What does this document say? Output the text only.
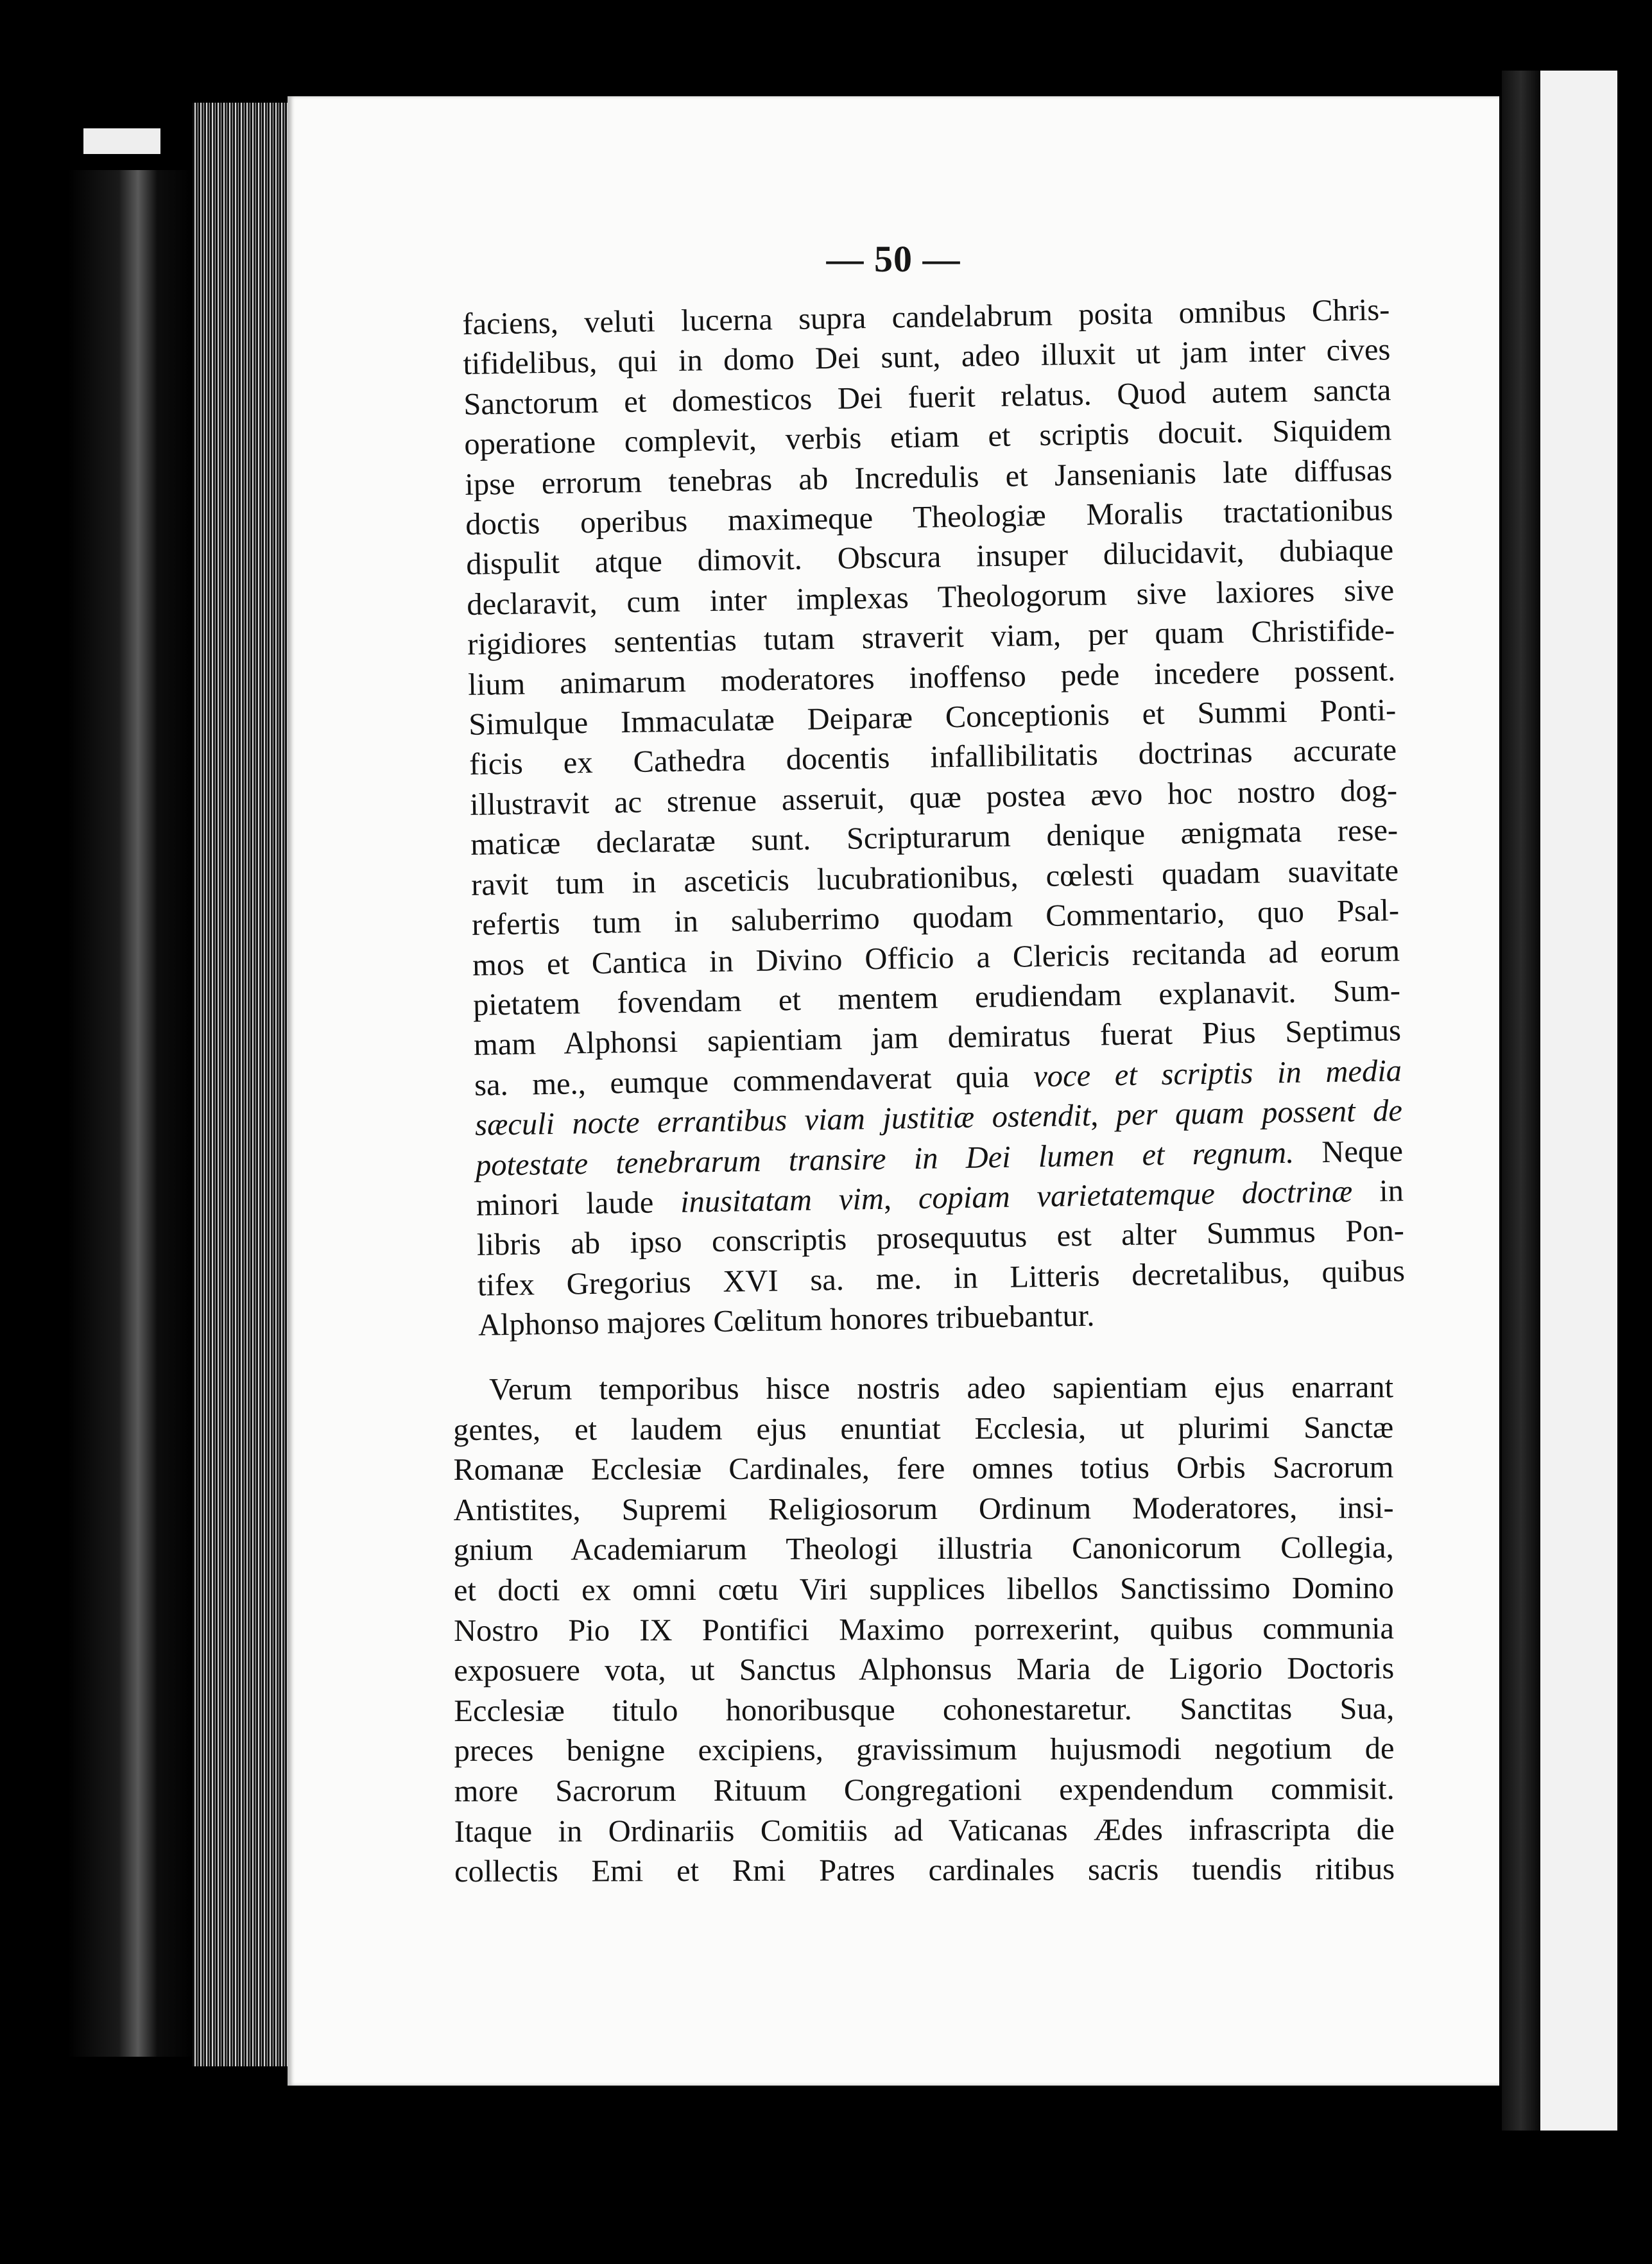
— 50 —
faciens, veluti lucerna supra candelabrum posita omnibus Chris-
tifidelibus, qui in domo Dei sunt, adeo illuxit ut jam inter cives
Sanctorum et domesticos Dei fuerit relatus. Quod autem sancta
operatione complevit, verbis etiam et scriptis docuit. Siquidem
ipse errorum tenebras ab Incredulis et Jansenianis late diffusas
doctis operibus maximeque Theologiæ Moralis tractationibus
dispulit atque dimovit. Obscura insuper dilucidavit, dubiaque
declaravit, cum inter implexas Theologorum sive laxiores sive
rigidiores sententias tutam straverit viam, per quam Christifide-
lium animarum moderatores inoffenso pede incedere possent.
Simulque Immaculatæ Deiparæ Conceptionis et Summi Ponti-
ficis ex Cathedra docentis infallibilitatis doctrinas accurate
illustravit ac strenue asseruit, quæ postea ævo hoc nostro dog-
maticæ declaratæ sunt. Scripturarum denique ænigmata rese-
ravit tum in asceticis lucubrationibus, cœlesti quadam suavitate
refertis tum in saluberrimo quodam Commentario, quo Psal-
mos et Cantica in Divino Officio a Clericis recitanda ad eorum
pietatem fovendam et mentem erudiendam explanavit. Sum-
mam Alphonsi sapientiam jam demiratus fuerat Pius Septimus
sa. me., eumque commendaverat quia voce et scriptis in media
sæculi nocte errantibus viam justitiæ ostendit, per quam possent de
potestate tenebrarum transire in Dei lumen et regnum. Neque
minori laude inusitatam vim, copiam varietatemque doctrinæ in
libris ab ipso conscriptis prosequutus est alter Summus Pon-
tifex Gregorius XVI sa. me. in Litteris decretalibus, quibus
Alphonso majores Cœlitum honores tribuebantur.
Verum temporibus hisce nostris adeo sapientiam ejus enarrant
gentes, et laudem ejus enuntiat Ecclesia, ut plurimi Sanctæ
Romanæ Ecclesiæ Cardinales, fere omnes totius Orbis Sacrorum
Antistites, Supremi Religiosorum Ordinum Moderatores, insi-
gnium Academiarum Theologi illustria Canonicorum Collegia,
et docti ex omni cœtu Viri supplices libellos Sanctissimo Domino
Nostro Pio IX Pontifici Maximo porrexerint, quibus communia
exposuere vota, ut Sanctus Alphonsus Maria de Ligorio Doctoris
Ecclesiæ titulo honoribusque cohonestaretur. Sanctitas Sua,
preces benigne excipiens, gravissimum hujusmodi negotium de
more Sacrorum Rituum Congregationi expendendum commisit.
Itaque in Ordinariis Comitiis ad Vaticanas Ædes infrascripta die
collectis Emi et Rmi Patres cardinales sacris tuendis ritibus
